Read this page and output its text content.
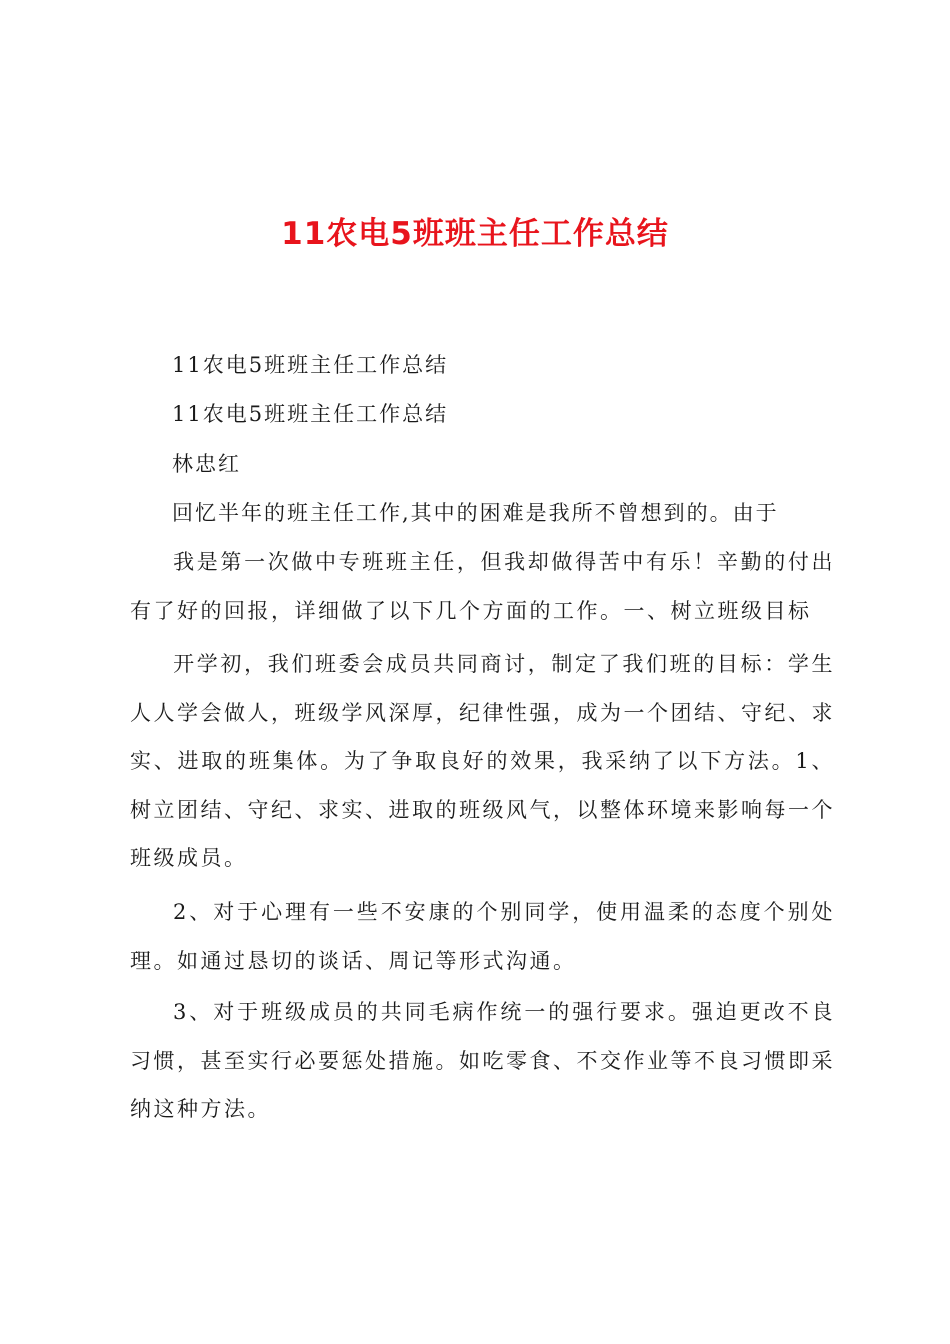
11农电5班班主任工作总结
11农电5班班主任工作总结
11农电5班班主任工作总结
林忠红
回忆半年的班主任工作,其中的困难是我所不曾想到的。由于
我是第一次做中专班班主任，但我却做得苦中有乐！辛勤的付出有了好的回报，详细做了以下几个方面的工作。一、树立班级目标
开学初，我们班委会成员共同商讨，制定了我们班的目标：学生人人学会做人，班级学风深厚，纪律性强，成为一个团结、守纪、求实、进取的班集体。为了争取良好的效果，我采纳了以下方法。1、树立团结、守纪、求实、进取的班级风气，以整体环境来影响每一个班级成员。
2、对于心理有一些不安康的个别同学，使用温柔的态度个别处理。如通过恳切的谈话、周记等形式沟通。
3、对于班级成员的共同毛病作统一的强行要求。强迫更改不良习惯，甚至实行必要惩处措施。如吃零食、不交作业等不良习惯即采纳这种方法。
